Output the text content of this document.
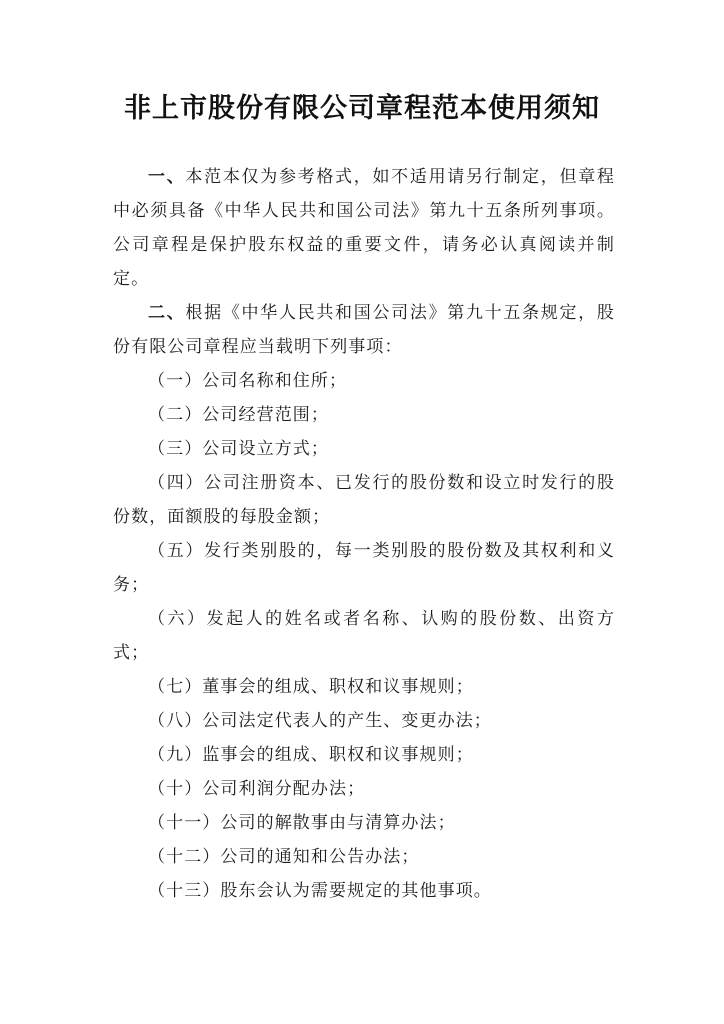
非上市股份有限公司章程范本使用须知

一、本范本仅为参考格式，如不适用请另行制定，但章程中必须具备《中华人民共和国公司法》第九十五条所列事项。公司章程是保护股东权益的重要文件，请务必认真阅读并制定。

二、根据《中华人民共和国公司法》第九十五条规定，股份有限公司章程应当载明下列事项：

（一）公司名称和住所；

（二）公司经营范围；

（三）公司设立方式；

（四）公司注册资本、已发行的股份数和设立时发行的股份数，面额股的每股金额；

（五）发行类别股的，每一类别股的股份数及其权利和义务；

（六）发起人的姓名或者名称、认购的股份数、出资方式；

（七）董事会的组成、职权和议事规则；

（八）公司法定代表人的产生、变更办法；

（九）监事会的组成、职权和议事规则；

（十）公司利润分配办法；

（十一）公司的解散事由与清算办法；

（十二）公司的通知和公告办法；

（十三）股东会认为需要规定的其他事项。
